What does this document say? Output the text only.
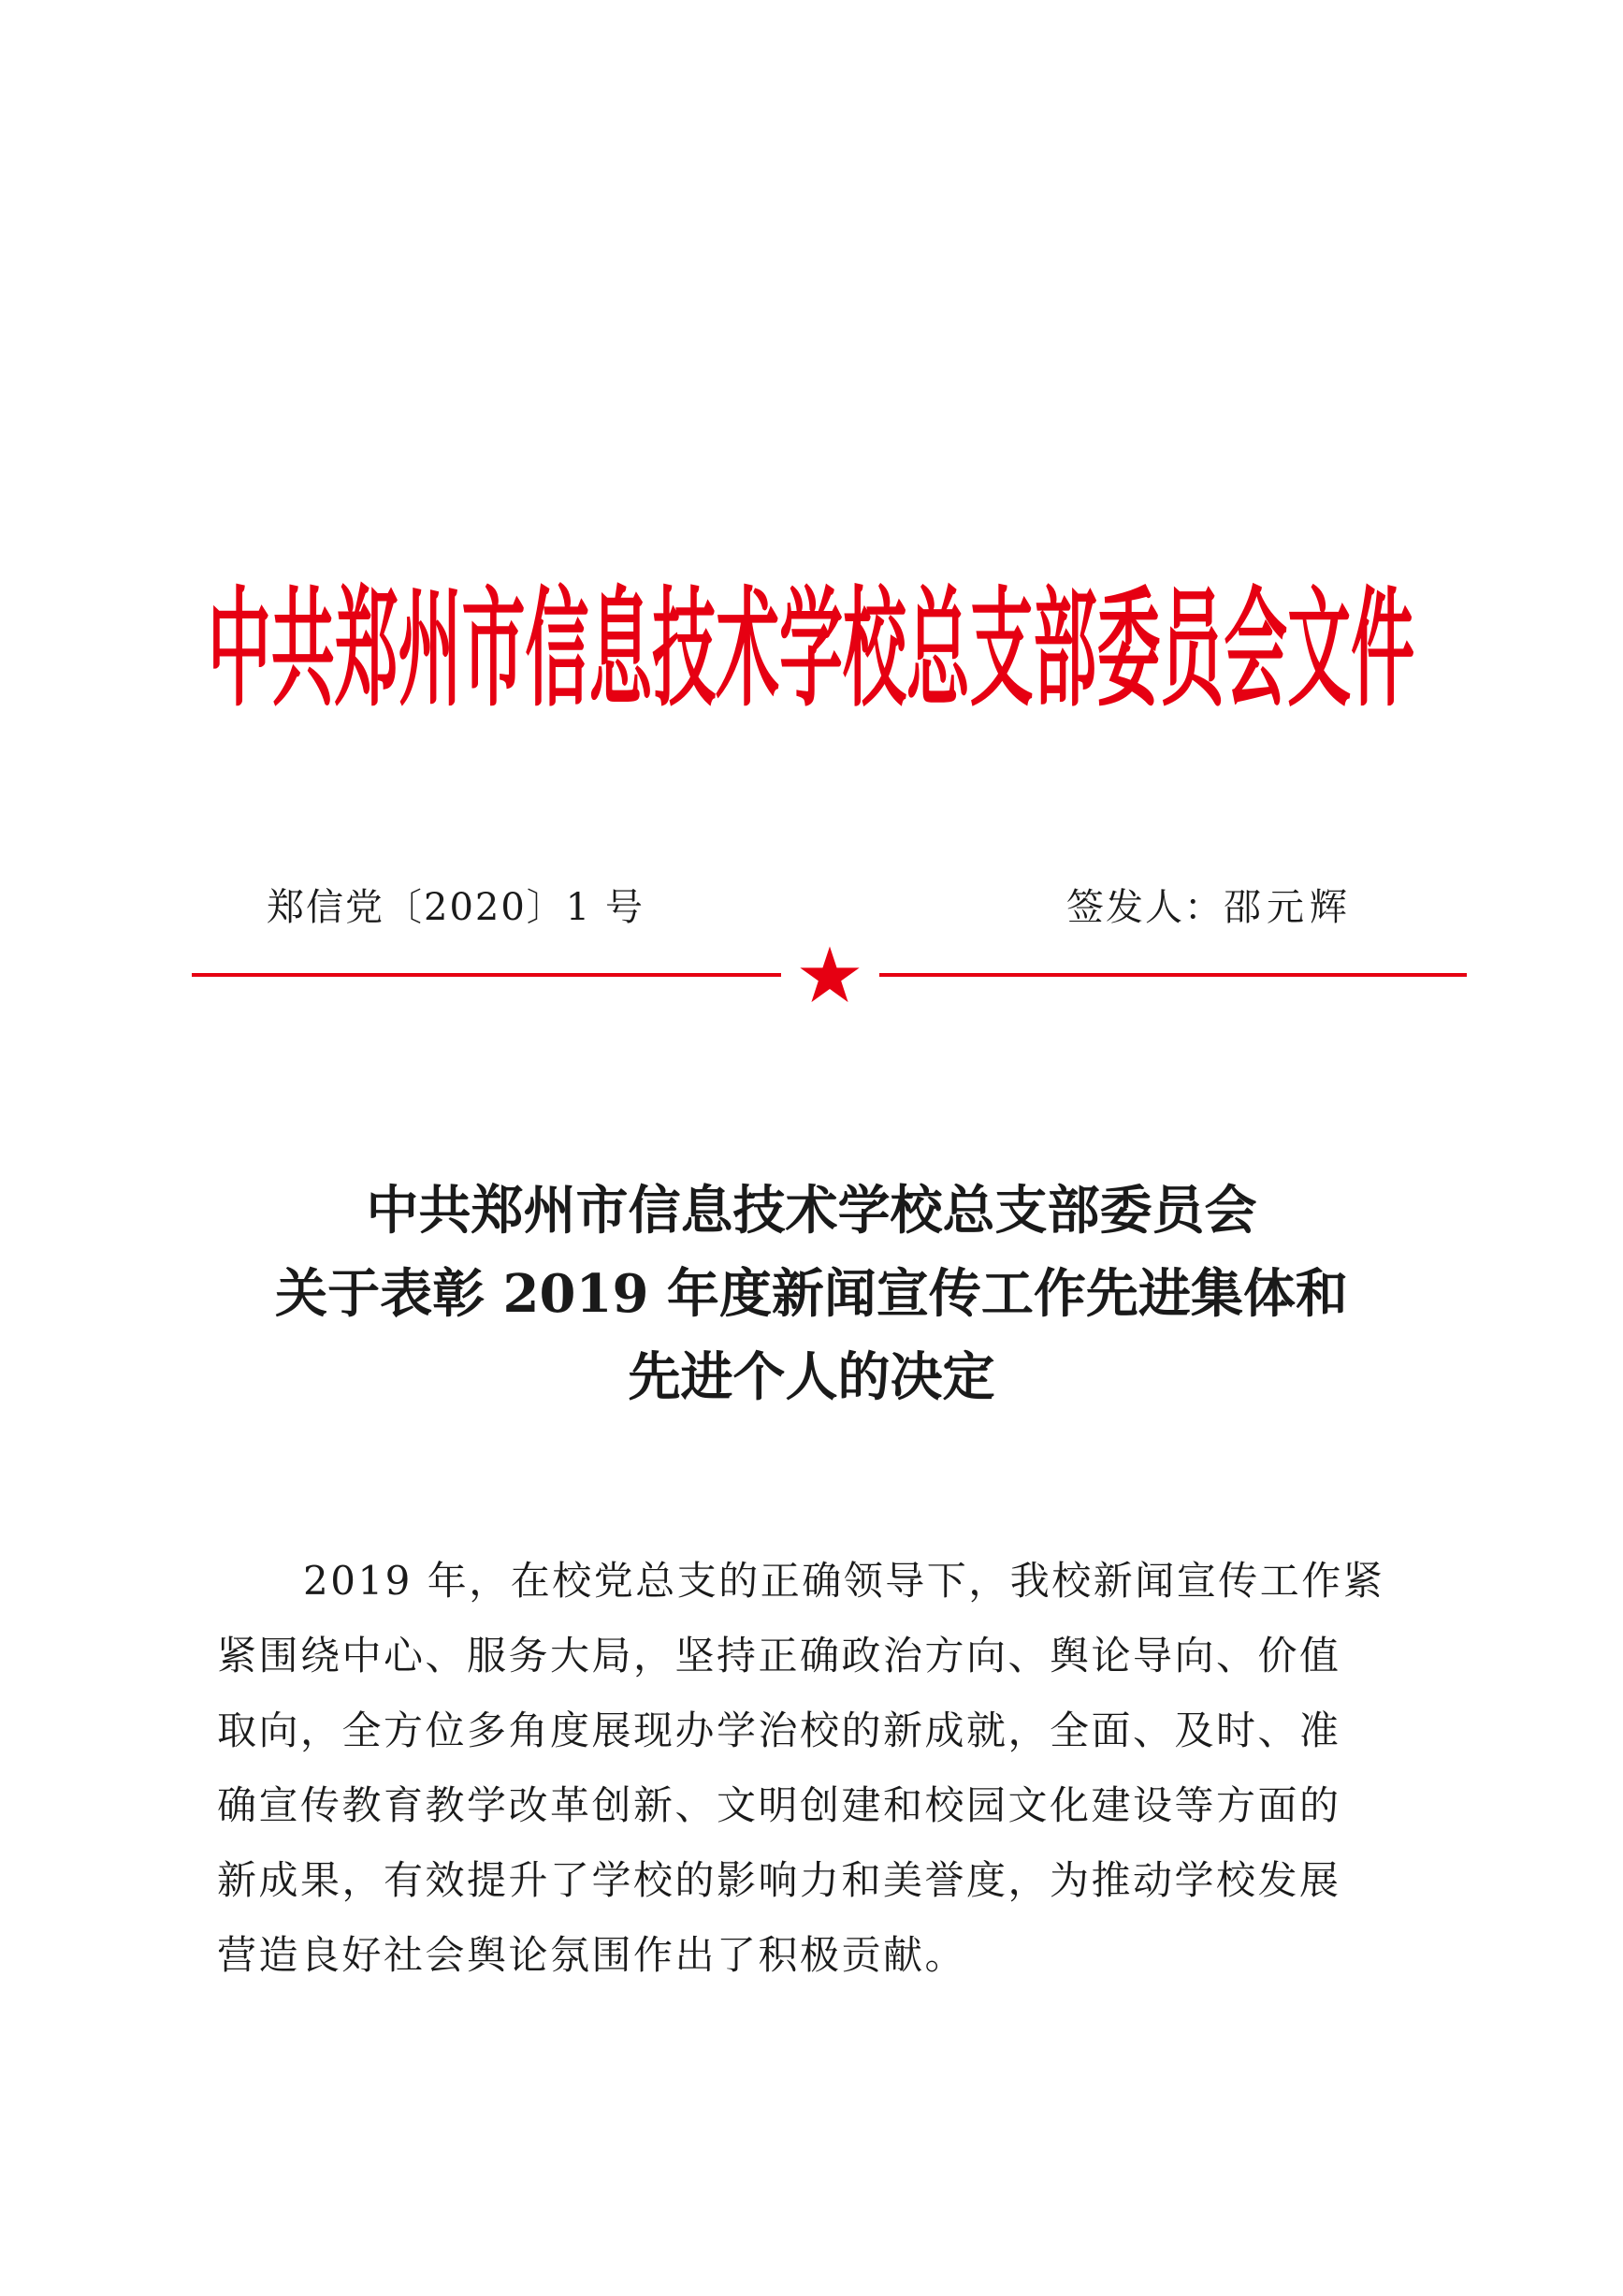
中共郑州市信息技术学校总支部委员会文件
郑信党〔2020〕1 号	签发人：邵元辉
中共郑州市信息技术学校总支部委员会
关于表彰 2019 年度新闻宣传工作先进集体和
先进个人的决定
2019 年，在校党总支的正确领导下，我校新闻宣传工作紧
紧围绕中心、服务大局，坚持正确政治方向、舆论导向、价值
取向，全方位多角度展现办学治校的新成就，全面、及时、准
确宣传教育教学改革创新、文明创建和校园文化建设等方面的
新成果，有效提升了学校的影响力和美誉度，为推动学校发展
营造良好社会舆论氛围作出了积极贡献。
